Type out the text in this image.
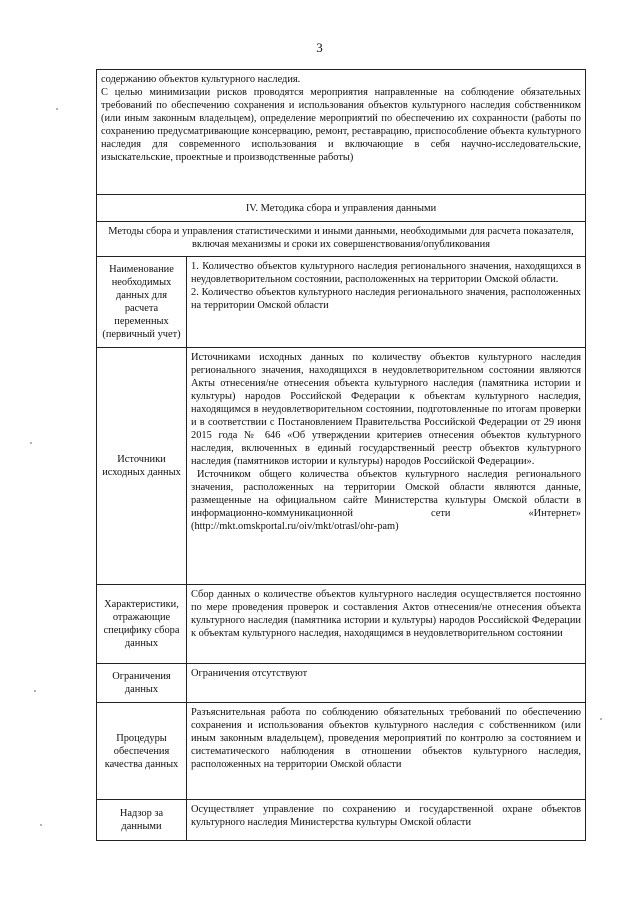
3

содержанию объектов культурного наследия.

С целью минимизации рисков проводятся мероприятия направленные на соблюдение обязательных требований по обеспечению сохранения и использования объектов культурного наследия собственником (или иным законным владельцем), определение мероприятий по обеспечению их сохранности (работы по сохранению предусматривающие консервацию, ремонт, реставрацию, приспособление объекта культурного наследия для современного использования и включающие в себя научно-исследовательские, изыскательские, проектные и производственные работы)

IV. Методика сбора и управления данными
Методы сбора и управления статистическими и иными данными, необходимыми для расчета показателя, включая механизмы и сроки их совершенствования/опубликования
Наименование необходимых данных для расчета переменных (первичный учет)

1. Количество объектов культурного наследия регионального значения, находящихся в неудовлетворительном состоянии, расположенных на территории Омской области.

2. Количество объектов культурного наследия регионального значения, расположенных на территории Омской области

Источники исходных данных

Источниками исходных данных по количеству объектов культурного наследия регионального значения, находящихся в неудовлетворительном состоянии являются Акты отнесения/не отнесения объекта культурного наследия (памятника истории и культуры) народов Российской Федерации к объектам культурного наследия, находящимся в неудовлетворительном состоянии, подготовленные по итогам проверки и в соответствии с Постановлением Правительства Российской Федерации от 29 июня 2015 года № 646 «Об утверждении критериев отнесения объектов культурного наследия, включенных в единый государственный реестр объектов культурного наследия (памятников истории и культуры) народов Российской Федерации».

Источником общего количества объектов культурного наследия регионального значения, расположенных на территории Омской области являются данные, размещенные на официальном сайте Министерства культуры Омской области в информационно-коммуникационной сети «Интернет» (http://mkt.omskportal.ru/oiv/mkt/otrasl/ohr-pam)

Характеристики, отражающие специфику сбора данных

Сбор данных о количестве объектов культурного наследия осуществляется постоянно по мере проведения проверок и составления Актов отнесения/не отнесения объекта культурного наследия (памятника истории и культуры) народов Российской Федерации к объектам культурного наследия, находящимся в неудовлетворительном состоянии

Ограничения данных

Ограничения отсутствуют

Процедуры обеспечения качества данных

Разъяснительная работа по соблюдению обязательных требований по обеспечению сохранения и использования объектов культурного наследия с собственником (или иным законным владельцем), проведения мероприятий по контролю за состоянием и систематического наблюдения в отношении объектов культурного наследия, расположенных на территории Омской области

Надзор за данными

Осуществляет управление по сохранению и государственной охране объектов культурного наследия Министерства культуры Омской области
